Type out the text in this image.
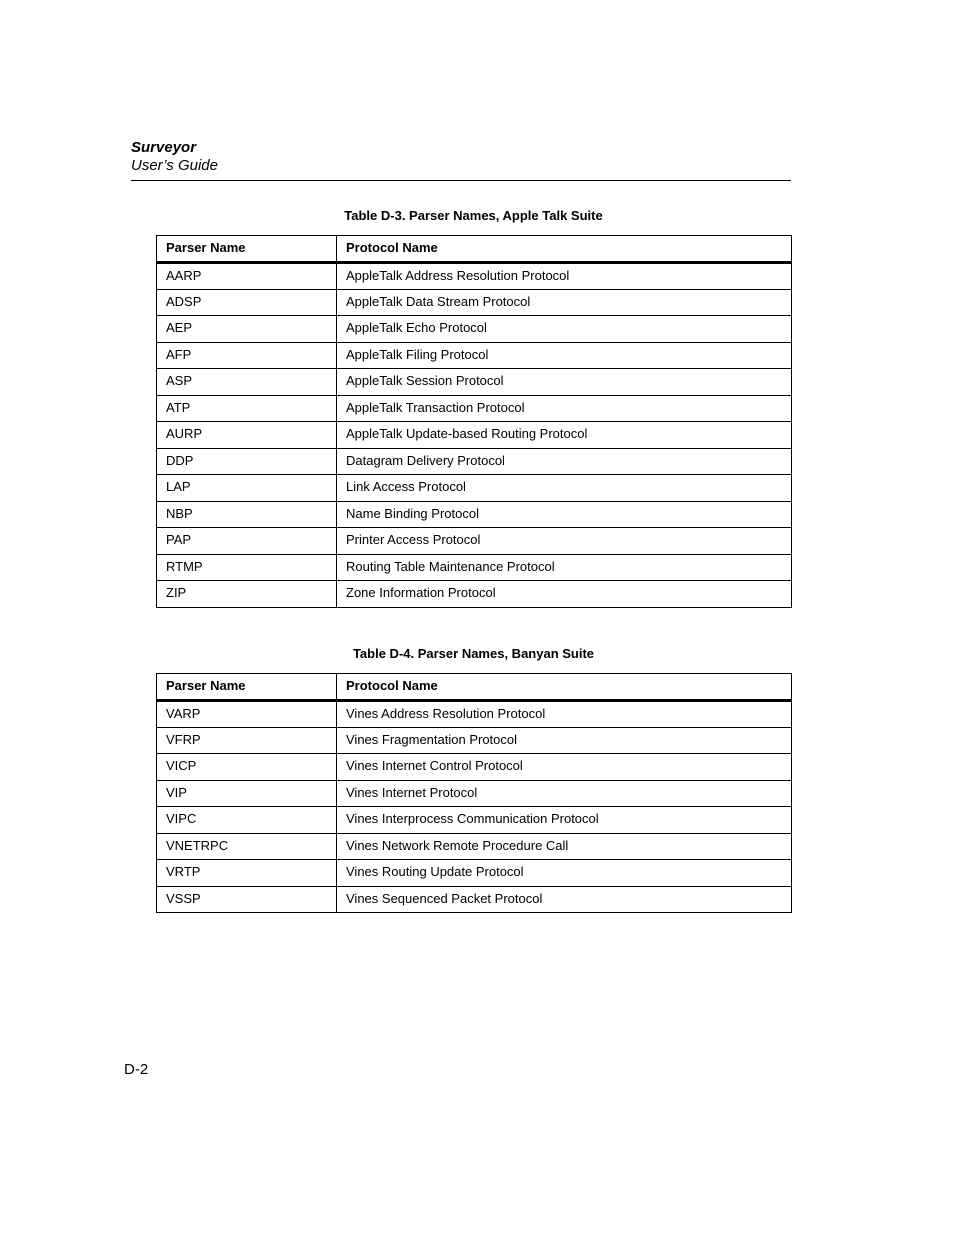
Surveyor
User’s Guide
Table D-3. Parser Names, Apple Talk Suite
Parser Name	Protocol Name
AARP	AppleTalk Address Resolution Protocol
ADSP	AppleTalk Data Stream Protocol
AEP	AppleTalk Echo Protocol
AFP	AppleTalk Filing Protocol
ASP	AppleTalk Session Protocol
ATP	AppleTalk Transaction Protocol
AURP	AppleTalk Update-based Routing Protocol
DDP	Datagram Delivery Protocol
LAP	Link Access Protocol
NBP	Name Binding Protocol
PAP	Printer Access Protocol
RTMP	Routing Table Maintenance Protocol
ZIP	Zone Information Protocol
Table D-4. Parser Names, Banyan Suite
Parser Name	Protocol Name
VARP	Vines Address Resolution Protocol
VFRP	Vines Fragmentation Protocol
VICP	Vines Internet Control Protocol
VIP	Vines Internet Protocol
VIPC	Vines Interprocess Communication Protocol
VNETRPC	Vines Network Remote Procedure Call
VRTP	Vines Routing Update Protocol
VSSP	Vines Sequenced Packet Protocol
D-2
